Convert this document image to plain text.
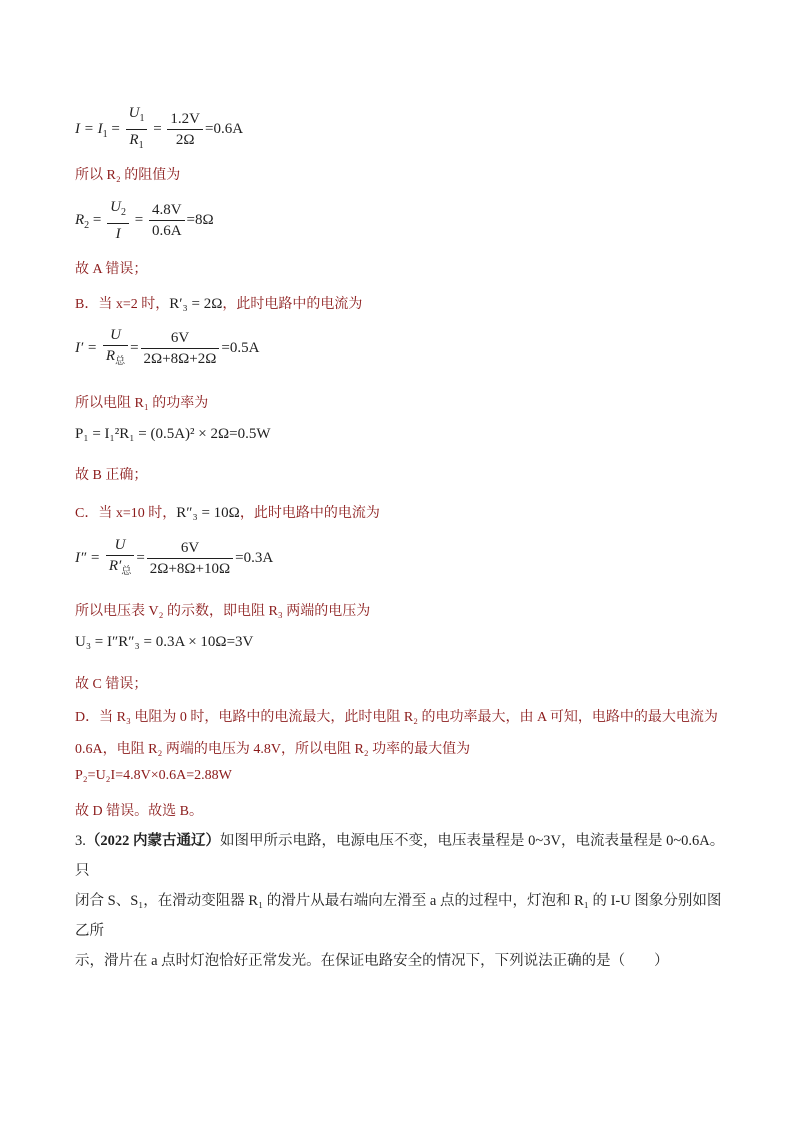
$I = I_1 = \frac{U_1}{R_1} = \frac{1.2V}{2\Omega} =0.6A$
所以 R₂ 的阻值为
$R_2 = \frac{U_2}{I} = \frac{4.8V}{0.6A} =8\Omega$
故 A 错误；
B．当 x=2 时，R′₃ = 2Ω，此时电路中的电流为
$I' = \frac{U}{R_总} = \frac{6V}{2\Omega+8\Omega+2\Omega} =0.5A$
所以电阻 R₁ 的功率为
P₁ = I₁²R₁ = (0.5A)² × 2Ω=0.5W
故 B 正确；
C．当 x=10 时，R″₃ = 10Ω，此时电路中的电流为
$I'' = \frac{U}{R'_总} = \frac{6V}{2\Omega+8\Omega+10\Omega} =0.3A$
所以电压表 V₂ 的示数，即电阻 R₃ 两端的电压为
U₃ = I″R″₃ = 0.3A × 10Ω=3V
故 C 错误；
D．当 R₃ 电阻为 0 时，电路中的电流最大，此时电阻 R₂ 的电功率最大，由 A 可知，电路中的最大电流为
0.6A，电阻 R₂ 两端的电压为 4.8V，所以电阻 R₂ 功率的最大值为
P₂=U₂I=4.8V×0.6A=2.88W
故 D 错误。故选 B。
3.（2022 内蒙古通辽）如图甲所示电路，电源电压不变，电压表量程是 0~3V，电流表量程是 0~0.6A。只
闭合 S、S₁，在滑动变阻器 R₁ 的滑片从最右端向左滑至 a 点的过程中，灯泡和 R₁ 的 I-U 图象分别如图乙所
示，滑片在 a 点时灯泡恰好正常发光。在保证电路安全的情况下，下列说法正确的是（　　）
